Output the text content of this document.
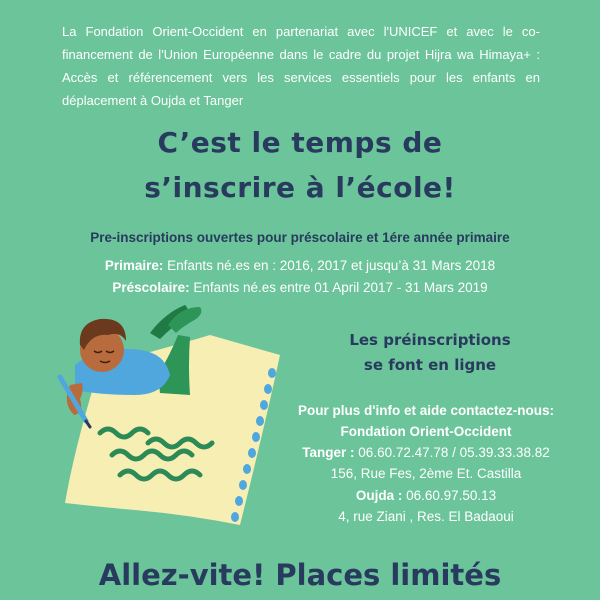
La Fondation Orient-Occident en partenariat avec l'UNICEF et avec le co-financement de l'Union Européenne dans le cadre du projet Hijra wa Himaya+ : Accès et référencement vers les services essentiels pour les enfants en déplacement à Oujda et Tanger
C’est le temps de
s’inscrire à l’école!
Pre-inscriptions ouvertes pour préscolaire et 1ére année primaire
Primaire: Enfants né.es en : 2016, 2017 et jusqu’à 31 Mars 2018
Préscolaire: Enfants né.es entre 01 April 2017 - 31 Mars 2019
Les préinscriptions
se font en ligne
Pour plus d'info et aide contactez-nous:
Fondation Orient-Occident
Tanger : 06.60.72.47.78 / 05.39.33.38.82
156, Rue Fes, 2ème Et. Castilla
Oujda : 06.60.97.50.13
4, rue Ziani , Res. El Badaoui
Allez-vite! Places limités
